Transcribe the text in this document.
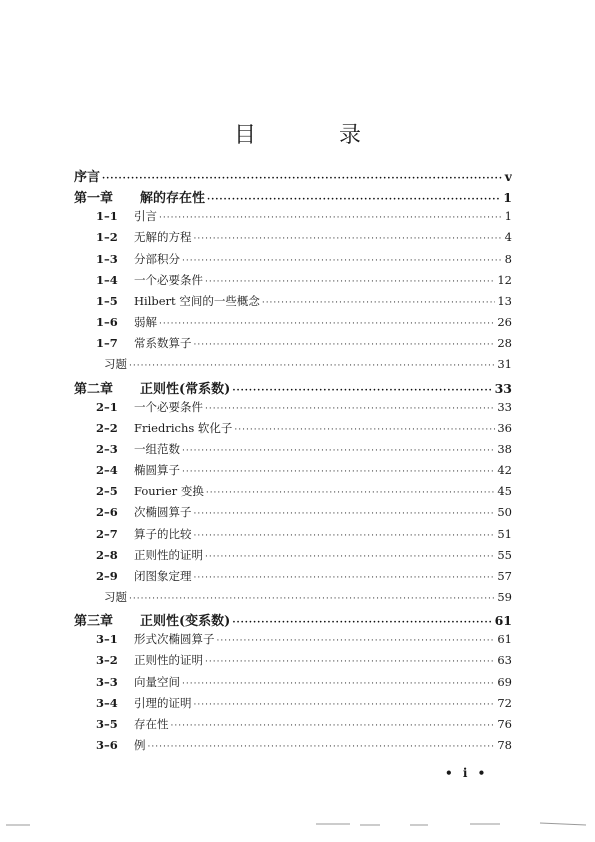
目 录
序言 ·····	v
第一章	解的存在性 ·····	1
1–1	引言 ·····	1
1–2	无解的方程 ·····	4
1–3	分部积分 ·····	8
1–4	一个必要条件 ·····	12
1–5	Hilbert 空间的一些概念 ·····	13
1–6	弱解 ·····	26
1–7	常系数算子 ·····	28
习题 ·····	31
第二章	正则性(常系数) ·····	33
2–1	一个必要条件 ·····	33
2–2	Friedrichs 软化子 ·····	36
2–3	一组范数 ·····	38
2–4	椭圆算子 ·····	42
2–5	Fourier 变换 ·····	45
2–6	次椭圆算子 ·····	50
2–7	算子的比较 ·····	51
2–8	正则性的证明 ·····	55
2–9	闭图象定理 ·····	57
习题 ·····	59
第三章	正则性(变系数) ·····	61
3–1	形式次椭圆算子 ·····	61
3–2	正则性的证明 ·····	63
3–3	向量空间 ·····	69
3–4	引理的证明 ·····	72
3–5	存在性 ·····	76
3–6	例 ·····	78
• i •
